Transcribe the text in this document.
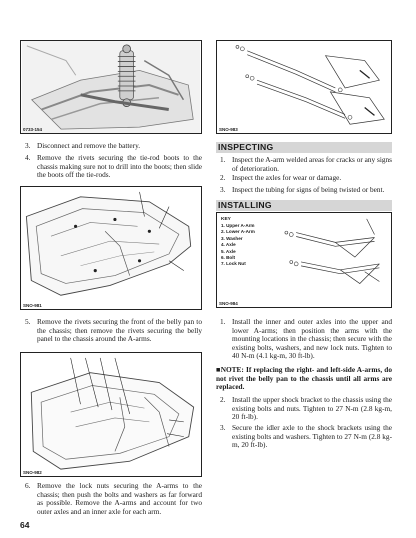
0733-154
3. Disconnect and remove the battery.
4. Remove the rivets securing the tie-rod boots to the chassis making sure not to drill into the boots; then slide the boots off the tie-rods.
SNO-981
5. Remove the rivets securing the front of the belly pan to the chassis; then remove the rivets securing the belly panel to the chassis around the A-arms.
SNO-982
6. Remove the lock nuts securing the A-arms to the chassis; then push the bolts and washers as far forward as possible. Remove the A-arms and account for two outer axles and an inner axle for each arm.
SNO-983
INSPECTING
1. Inspect the A-arm welded areas for cracks or any signs of deterioration.
2. Inspect the axles for wear or damage.
3. Inspect the tubing for signs of being twisted or bent.
INSTALLING
KEY
1. Upper A-Arm
2. Lower A-Arm
3. Washer
4. Axle
5. Axle
6. Bolt
7. Lock Nut
SNO-984
1. Install the inner and outer axles into the upper and lower A-arms; then position the arms with the mounting locations in the chassis; then secure with the existing bolts, washers, and new lock nuts. Tighten to 40 N-m (4.1 kg-m, 30 ft-lb).
■NOTE: If replacing the right- and left-side A-arms, do not rivet the belly pan to the chassis until all arms are replaced.
2. Install the upper shock bracket to the chassis using the existing bolts and nuts. Tighten to 27 N-m (2.8 kg-m, 20 ft-lb).
3. Secure the idler axle to the shock brackets using the existing bolts and washers. Tighten to 27 N-m (2.8 kg-m, 20 ft-lb).
64
